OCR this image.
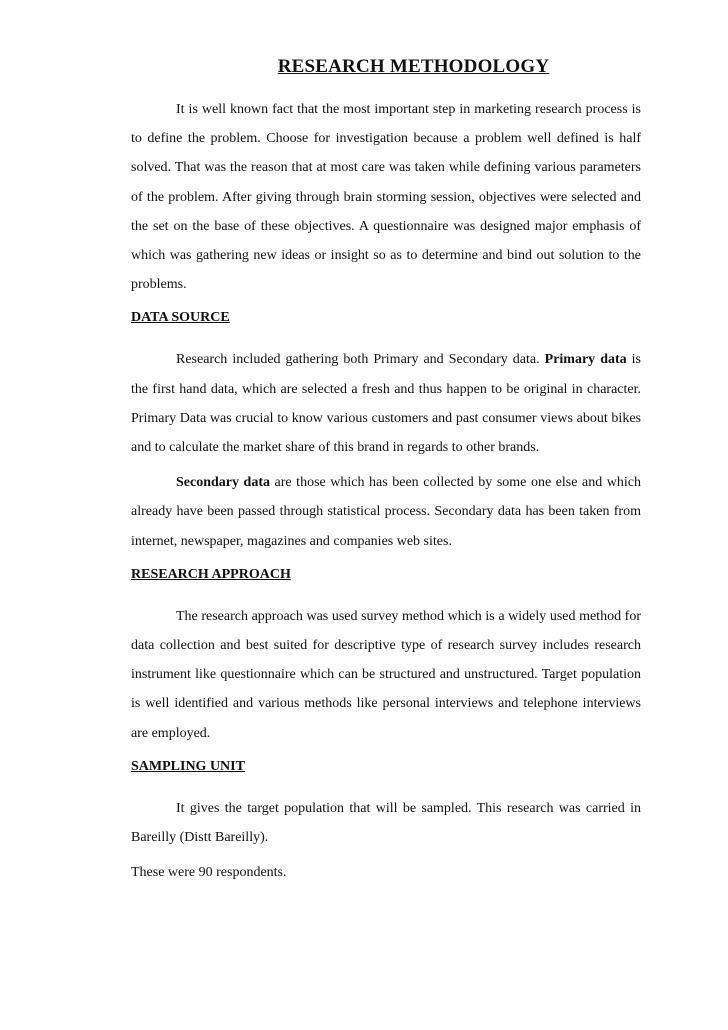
RESEARCH METHODOLOGY

It is well known fact that the most important step in marketing research process is to define the problem. Choose for investigation because a problem well defined is half solved. That was the reason that at most care was taken while defining various parameters of the problem. After giving through brain storming session, objectives were selected and the set on the base of these objectives. A questionnaire was designed major emphasis of which was gathering new ideas or insight so as to determine and bind out solution to the problems.

DATA SOURCE

Research included gathering both Primary and Secondary data. Primary data is the first hand data, which are selected a fresh and thus happen to be original in character. Primary Data was crucial to know various customers and past consumer views about bikes and to calculate the market share of this brand in regards to other brands.

Secondary data are those which has been collected by some one else and which already have been passed through statistical process. Secondary data has been taken from internet, newspaper, magazines and companies web sites.

RESEARCH APPROACH

The research approach was used survey method which is a widely used method for data collection and best suited for descriptive type of research survey includes research instrument like questionnaire which can be structured and unstructured. Target population is well identified and various methods like personal interviews and telephone interviews are employed.

SAMPLING UNIT

It gives the target population that will be sampled. This research was carried in Bareilly (Distt Bareilly).

These were 90 respondents.
